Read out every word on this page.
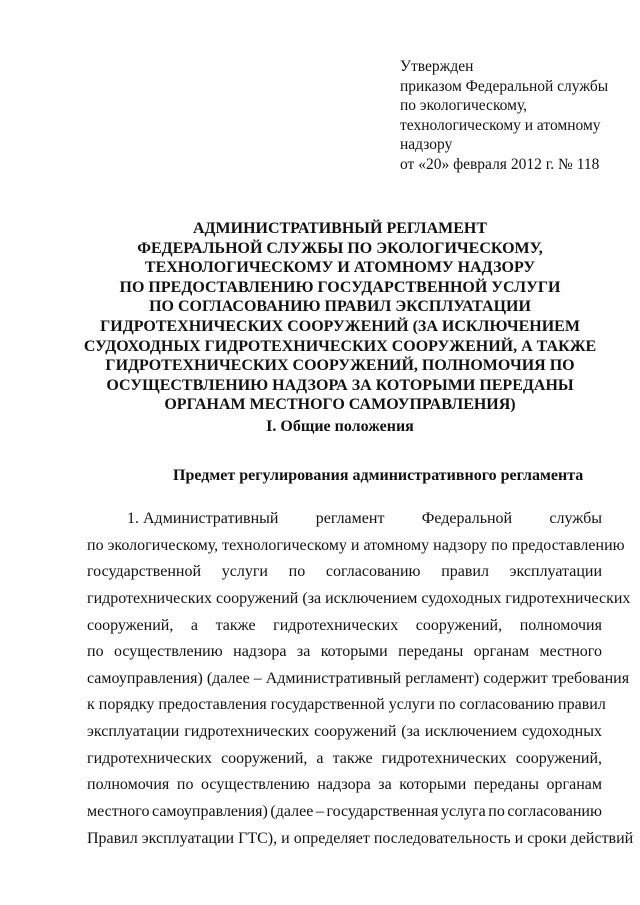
Утвержден
приказом Федеральной службы
по экологическому,
технологическому и атомному
надзору
от «20» февраля 2012 г. № 118
АДМИНИСТРАТИВНЫЙ РЕГЛАМЕНТ
ФЕДЕРАЛЬНОЙ СЛУЖБЫ ПО ЭКОЛОГИЧЕСКОМУ,
ТЕХНОЛОГИЧЕСКОМУ И АТОМНОМУ НАДЗОРУ
ПО ПРЕДОСТАВЛЕНИЮ ГОСУДАРСТВЕННОЙ УСЛУГИ
ПО СОГЛАСОВАНИЮ ПРАВИЛ ЭКСПЛУАТАЦИИ
ГИДРОТЕХНИЧЕСКИХ СООРУЖЕНИЙ (ЗА ИСКЛЮЧЕНИЕМ
СУДОХОДНЫХ ГИДРОТЕХНИЧЕСКИХ СООРУЖЕНИЙ, А ТАКЖЕ
ГИДРОТЕХНИЧЕСКИХ СООРУЖЕНИЙ, ПОЛНОМОЧИЯ ПО
ОСУЩЕСТВЛЕНИЮ НАДЗОРА ЗА КОТОРЫМИ ПЕРЕДАНЫ
ОРГАНАМ МЕСТНОГО САМОУПРАВЛЕНИЯ)
I. Общие положения
Предмет регулирования административного регламента
1. Административный регламент Федеральной службы
по экологическому, технологическому и атомному надзору по предоставлению
государственной услуги по согласованию правил эксплуатации
гидротехнических сооружений (за исключением судоходных гидротехнических
сооружений, а также гидротехнических сооружений, полномочия
по осуществлению надзора за которыми переданы органам местного
самоуправления) (далее – Административный регламент) содержит требования
к порядку предоставления государственной услуги по согласованию правил
эксплуатации гидротехнических сооружений (за исключением судоходных
гидротехнических сооружений, а также гидротехнических сооружений,
полномочия по осуществлению надзора за которыми переданы органам
местного самоуправления) (далее – государственная услуга по согласованию
Правил эксплуатации ГТС), и определяет последовательность и сроки действий
